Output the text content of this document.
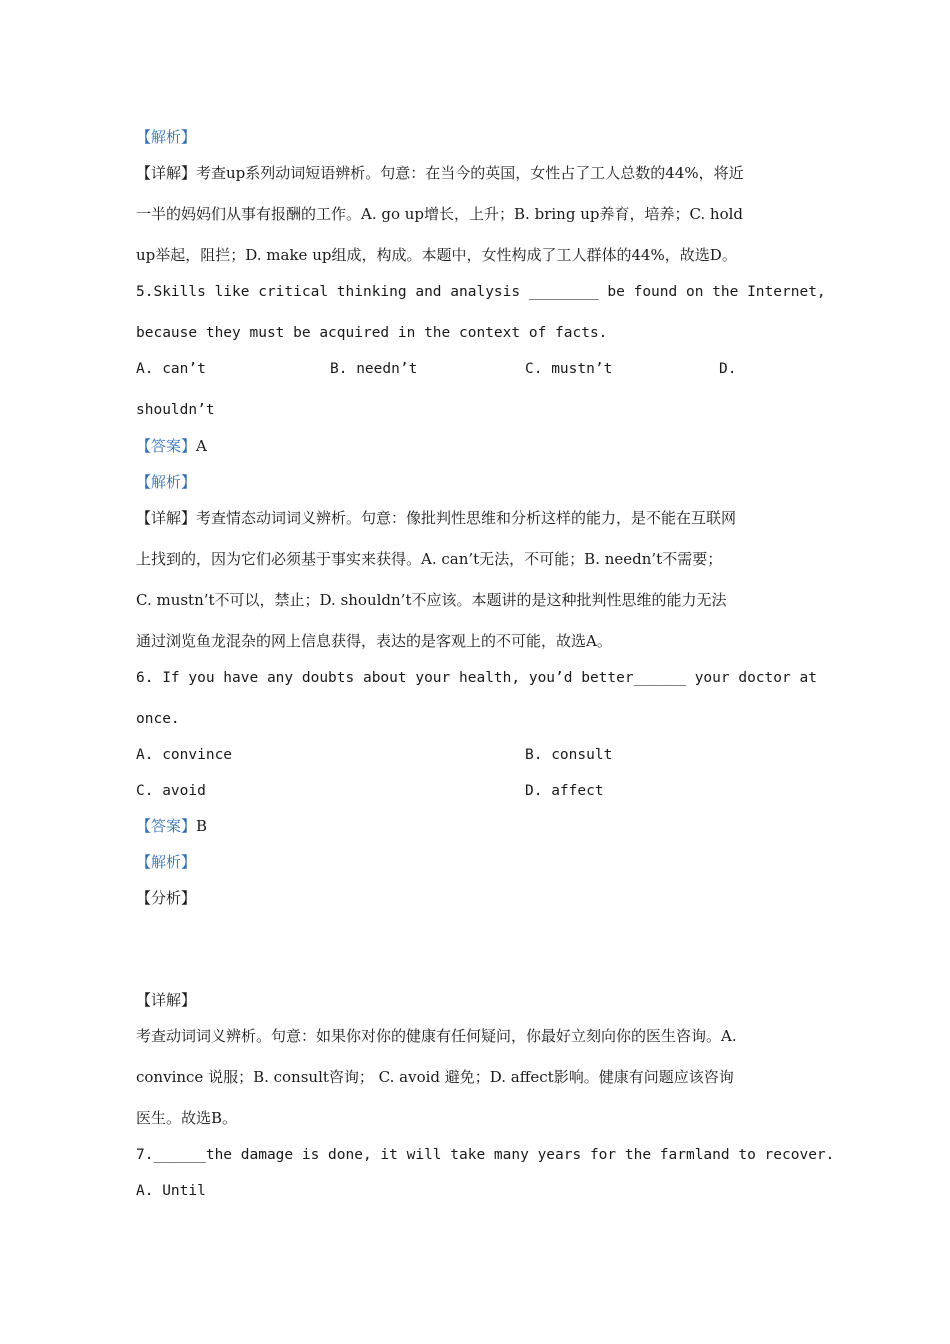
【解析】
【详解】考查up系列动词短语辨析。句意：在当今的英国，女性占了工人总数的44%，将近
一半的妈妈们从事有报酬的工作。A. go up增长，上升；B. bring up养育，培养；C. hold
up举起，阻拦；D. make up组成，构成。本题中，女性构成了工人群体的44%，故选D。
5.Skills like critical thinking and analysis ________ be found on the Internet,
because they must be acquired in the context of facts.
A. can’t	B. needn’t	C. mustn’t	D.
shouldn’t
【答案】A
【解析】
【详解】考查情态动词词义辨析。句意：像批判性思维和分析这样的能力，是不能在互联网
上找到的，因为它们必须基于事实来获得。A. can’t无法，不可能；B. needn’t不需要；
C. mustn’t不可以，禁止；D. shouldn’t不应该。本题讲的是这种批判性思维的能力无法
通过浏览鱼龙混杂的网上信息获得，表达的是客观上的不可能，故选A。
6. If you have any doubts about your health, you’d better______ your doctor at
once.
A. convince	B. consult
C. avoid	D. affect
【答案】B
【解析】
【分析】
【详解】
考查动词词义辨析。句意：如果你对你的健康有任何疑问，你最好立刻向你的医生咨询。A.
convince 说服；B. consult咨询； C. avoid 避免；D. affect影响。健康有问题应该咨询
医生。故选B。
7.______the damage is done, it will take many years for the farmland to recover.
A. Until
